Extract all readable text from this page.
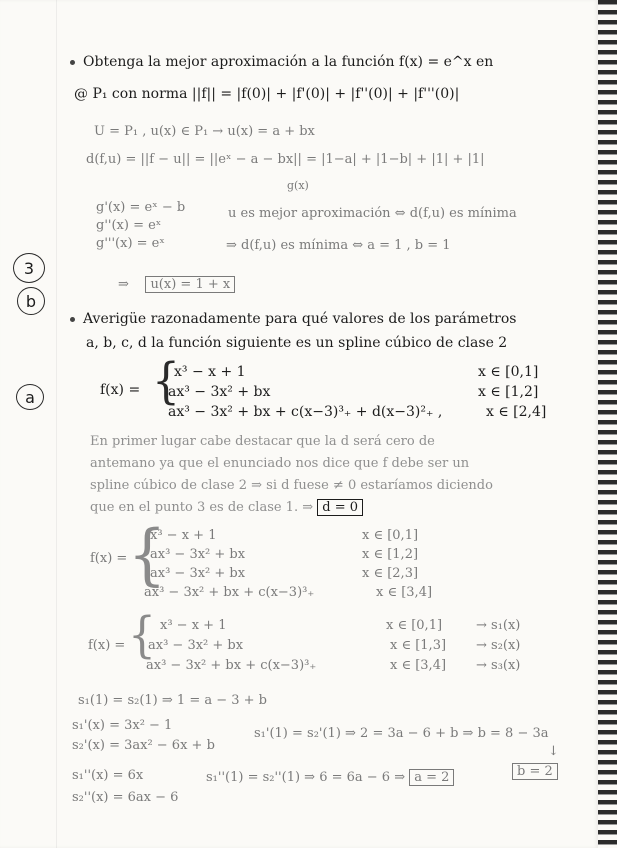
3
b
a
Obtenga la mejor aproximación a la función f(x) = e^x en
@ P₁ con norma ||f|| = |f(0)| + |f'(0)| + |f''(0)| + |f'''(0)|
U = P₁ , u(x) ∈ P₁ → u(x) = a + bx
d(f,u) = ||f − u|| = ||eˣ − a − bx|| = |1−a| + |1−b| + |1| + |1|
g(x)
g'(x) = eˣ − b
g''(x) = eˣ
g'''(x) = eˣ
u es mejor aproximación ⇔ d(f,u) es mínima
⇒ d(f,u) es mínima ⇔ a = 1 , b = 1
⇒ u(x) = 1 + x
Averigüe razonadamente para qué valores de los parámetros
a, b, c, d la función siguiente es un spline cúbico de clase 2
f(x) = {
x³ − x + 1	x ∈ [0,1]
ax³ − 3x² + bx	x ∈ [1,2]
ax³ − 3x² + bx + c(x−3)³₊ + d(x−3)²₊ ,	x ∈ [2,4]
En primer lugar cabe destacar que la d será cero de
antemano ya que el enunciado nos dice que f debe ser un
spline cúbico de clase 2 ⇒ si d fuese ≠ 0 estaríamos diciendo
que en el punto 3 es de clase 1. ⇒ d = 0
f(x) = {
x³ − x + 1	x ∈ [0,1]
ax³ − 3x² + bx	x ∈ [1,2]
ax³ − 3x² + bx	x ∈ [2,3]
ax³ − 3x² + bx + c(x−3)³₊	x ∈ [3,4]
f(x) = { x³ − x + 1	x ∈ [0,1]	→ s₁(x)
ax³ − 3x² + bx	x ∈ [1,3] → s₂(x)
ax³ − 3x² + bx + c(x−3)³₊	x ∈ [3,4] → s₃(x)
s₁(1) = s₂(1) ⇒ 1 = a − 3 + b
s₁'(x) = 3x² − 1
s₂'(x) = 3ax² − 6x + b
s₁'(1) = s₂'(1) ⇒ 2 = 3a − 6 + b ⇒ b = 8 − 3a
↓
s₁''(x) = 6x
s₂''(x) = 6ax − 6
s₁''(1) = s₂''(1) ⇒ 6 = 6a − 6 ⇒ a = 2	b = 2
